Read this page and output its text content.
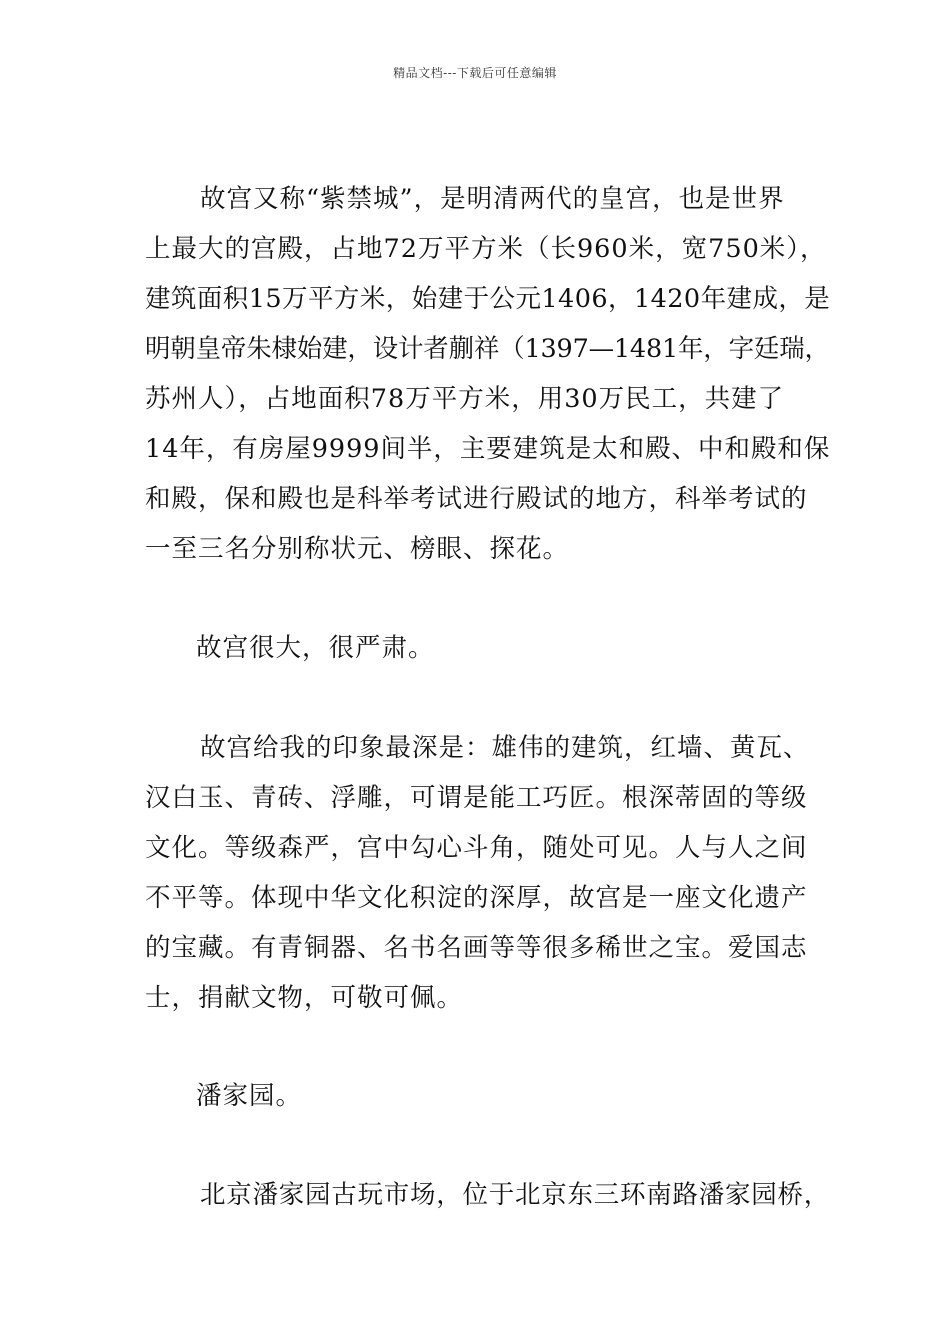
精品文档---下载后可任意编辑
故宫又称“紫禁城”，是明清两代的皇宫，也是世界
上最大的宫殿，占地72万平方米（长960米，宽750米），
建筑面积15万平方米，始建于公元1406，1420年建成，是
明朝皇帝朱棣始建，设计者蒯祥（1397—1481年，字廷瑞，
苏州人），占地面积78万平方米，用30万民工，共建了
14年，有房屋9999间半，主要建筑是太和殿、中和殿和保
和殿，保和殿也是科举考试进行殿试的地方，科举考试的
一至三名分别称状元、榜眼、探花。
故宫很大，很严肃。
故宫给我的印象最深是：雄伟的建筑，红墙、黄瓦、
汉白玉、青砖、浮雕，可谓是能工巧匠。根深蒂固的等级
文化。等级森严，宫中勾心斗角，随处可见。人与人之间
不平等。体现中华文化积淀的深厚，故宫是一座文化遗产
的宝藏。有青铜器、名书名画等等很多稀世之宝。爱国志
士，捐献文物，可敬可佩。
潘家园。
北京潘家园古玩市场，位于北京东三环南路潘家园桥，
